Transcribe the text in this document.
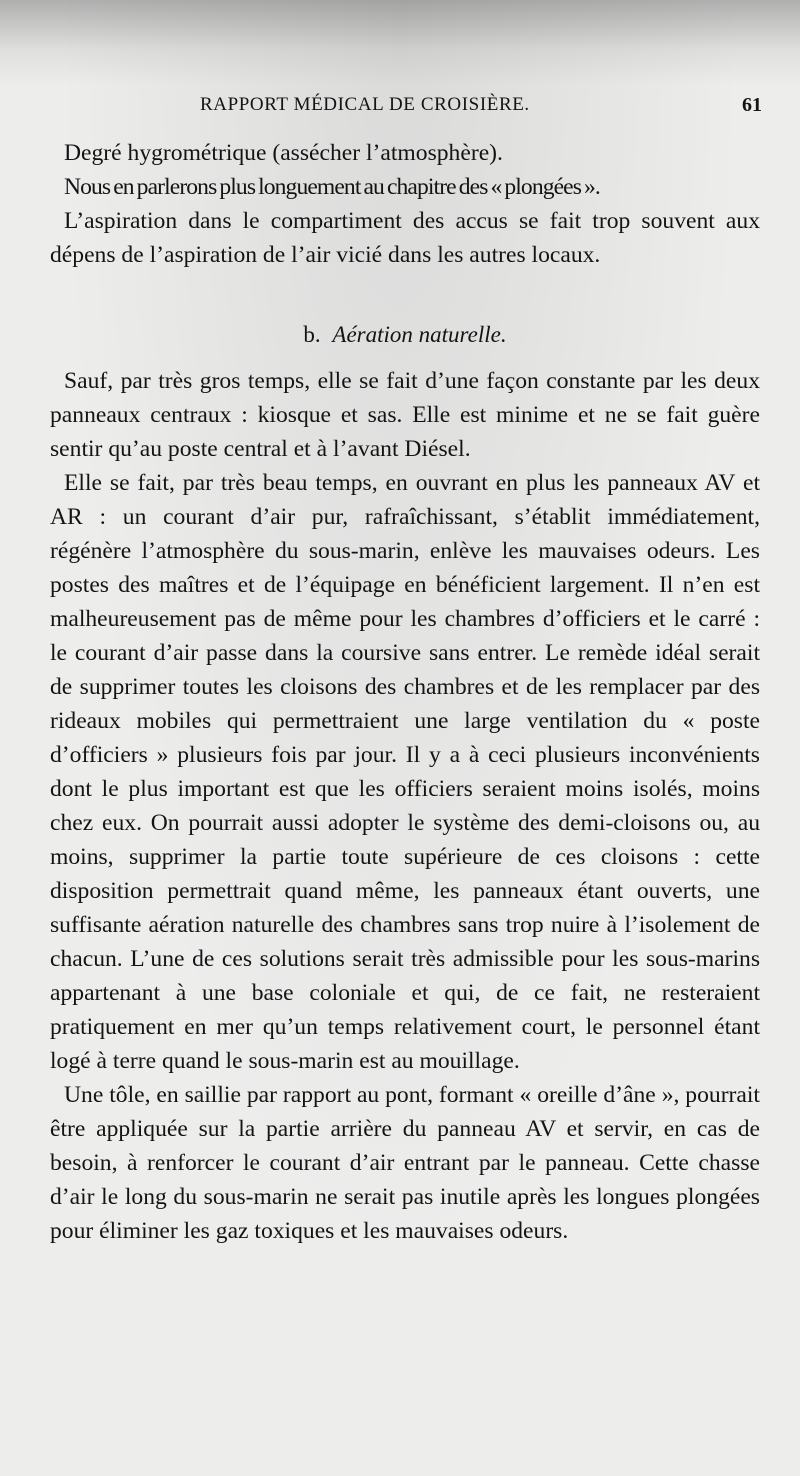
RAPPORT MÉDICAL DE CROISIÈRE.	61

Degré hygrométrique (assécher l’atmosphère).

Nous en parlerons plus longuement au chapitre des « plongées ».

L’aspiration dans le compartiment des accus se fait trop souvent aux dépens de l’aspiration de l’air vicié dans les autres locaux.

b. Aération naturelle.

Sauf, par très gros temps, elle se fait d’une façon constante par les deux panneaux centraux : kiosque et sas. Elle est minime et ne se fait guère sentir qu’au poste central et à l’avant Diésel.

Elle se fait, par très beau temps, en ouvrant en plus les panneaux AV et AR : un courant d’air pur, rafraîchissant, s’établit immédiatement, régénère l’atmosphère du sous-marin, enlève les mauvaises odeurs. Les postes des maîtres et de l’équipage en bénéficient largement. Il n’en est malheureusement pas de même pour les chambres d’officiers et le carré : le courant d’air passe dans la coursive sans entrer. Le remède idéal serait de supprimer toutes les cloisons des chambres et de les remplacer par des rideaux mobiles qui permettraient une large ventilation du « poste d’officiers » plusieurs fois par jour. Il y a à ceci plusieurs inconvénients dont le plus important est que les officiers seraient moins isolés, moins chez eux. On pourrait aussi adopter le système des demi-cloisons ou, au moins, supprimer la partie toute supérieure de ces cloisons : cette disposition permettrait quand même, les panneaux étant ouverts, une suffisante aération naturelle des chambres sans trop nuire à l’isolement de chacun. L’une de ces solutions serait très admissible pour les sous-marins appartenant à une base coloniale et qui, de ce fait, ne resteraient pratiquement en mer qu’un temps relativement court, le personnel étant logé à terre quand le sous-marin est au mouillage.

Une tôle, en saillie par rapport au pont, formant « oreille d’âne », pourrait être appliquée sur la partie arrière du panneau AV et servir, en cas de besoin, à renforcer le courant d’air entrant par le panneau. Cette chasse d’air le long du sous-marin ne serait pas inutile après les longues plongées pour éliminer les gaz toxiques et les mauvaises odeurs.
